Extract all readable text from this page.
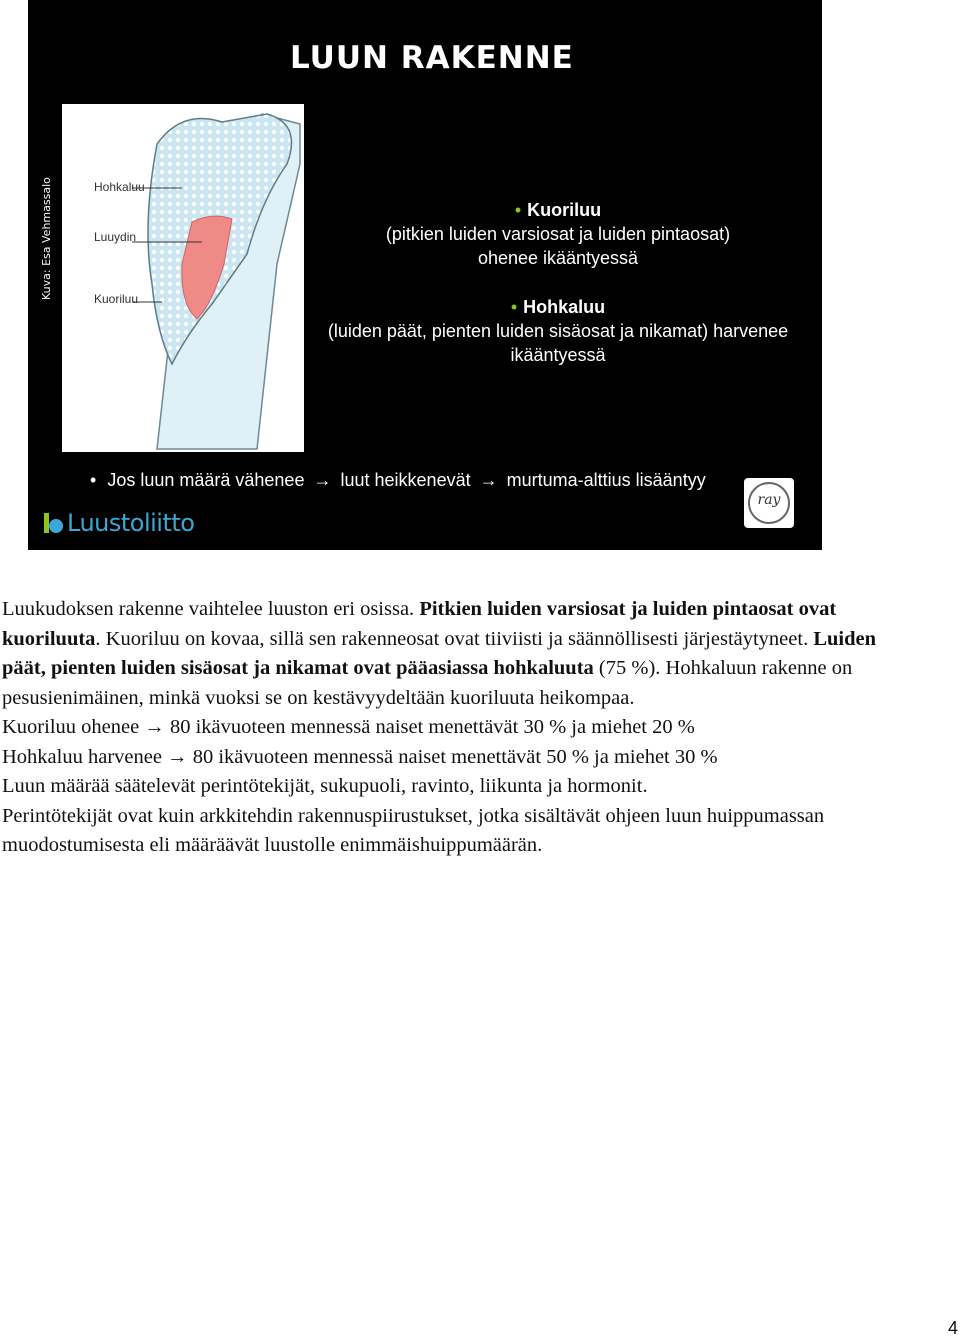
LUUN RAKENNE
Kuva: Esa Vehmassalo	Hohkaluu
Luuydin
Kuoriluu
• Kuoriluu
(pitkien luiden varsiosat ja luiden pintaosat)
ohenee ikääntyessä
• Hohkaluu
(luiden päät, pienten luiden sisäosat ja nikamat) harvenee
ikääntyessä
• Jos luun määrä vähenee → luut heikkenevät → murtuma-alttius lisääntyy
Luustoliitto
ray

Luukudoksen rakenne vaihtelee luuston eri osissa. Pitkien luiden varsiosat ja luiden pintaosat ovat kuoriluuta. Kuoriluu on kovaa, sillä sen rakenneosat ovat tiiviisti ja säännöllisesti järjestäytyneet. Luiden päät, pienten luiden sisäosat ja nikamat ovat pääasiassa hohkaluuta (75 %). Hohkaluun rakenne on pesusienimäinen, minkä vuoksi se on kestävyydeltään kuoriluuta heikompaa.

Kuoriluu ohenee → 80 ikävuoteen mennessä naiset menettävät 30 % ja miehet 20 %

Hohkaluu harvenee → 80 ikävuoteen mennessä naiset menettävät 50 % ja miehet 30 %

Luun määrää säätelevät perintötekijät, sukupuoli, ravinto, liikunta ja hormonit.

Perintötekijät ovat kuin arkkitehdin rakennuspiirustukset, jotka sisältävät ohjeen luun huippumassan muodostumisesta eli määräävät luustolle enimmäishuippumäärän.

4
